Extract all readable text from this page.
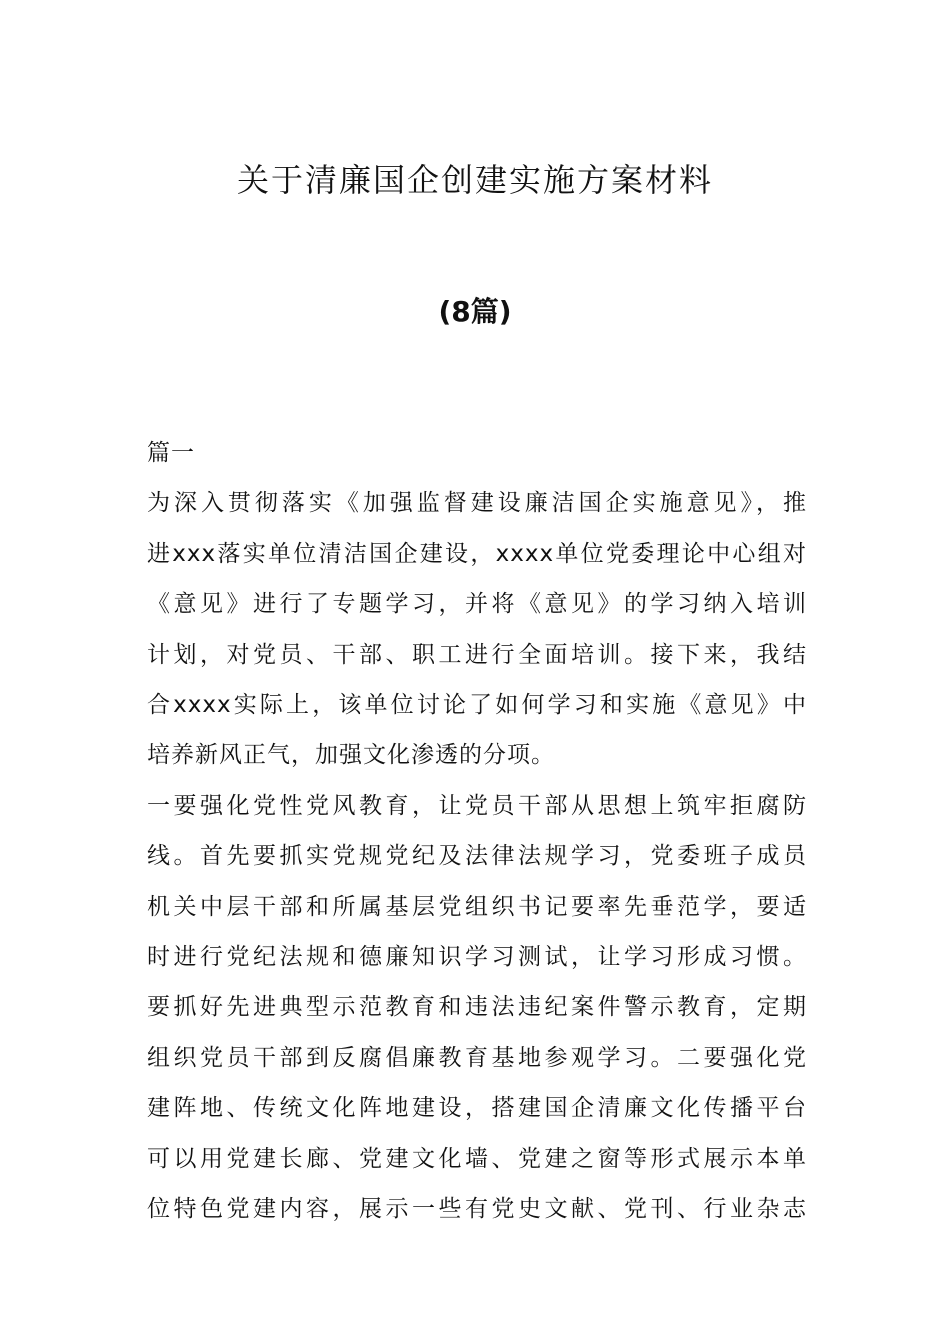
关于清廉国企创建实施方案材料
(8篇)

篇一

为深入贯彻落实《加强监督建设廉洁国企实施意见》，推
进xxx落实单位清洁国企建设，xxxx单位党委理论中心组对
《意见》进行了专题学习，并将《意见》的学习纳入培训
计划，对党员、干部、职工进行全面培训。接下来，我结
合xxxx实际上，该单位讨论了如何学习和实施《意见》中
培养新风正气，加强文化渗透的分项。

一要强化党性党风教育，让党员干部从思想上筑牢拒腐防
线。首先要抓实党规党纪及法律法规学习，党委班子成员
机关中层干部和所属基层党组织书记要率先垂范学，要适
时进行党纪法规和德廉知识学习测试，让学习形成习惯。
要抓好先进典型示范教育和违法违纪案件警示教育，定期
组织党员干部到反腐倡廉教育基地参观学习。二要强化党
建阵地、传统文化阵地建设，搭建国企清廉文化传播平台
可以用党建长廊、党建文化墙、党建之窗等形式展示本单
位特色党建内容，展示一些有党史文献、党刊、行业杂志
